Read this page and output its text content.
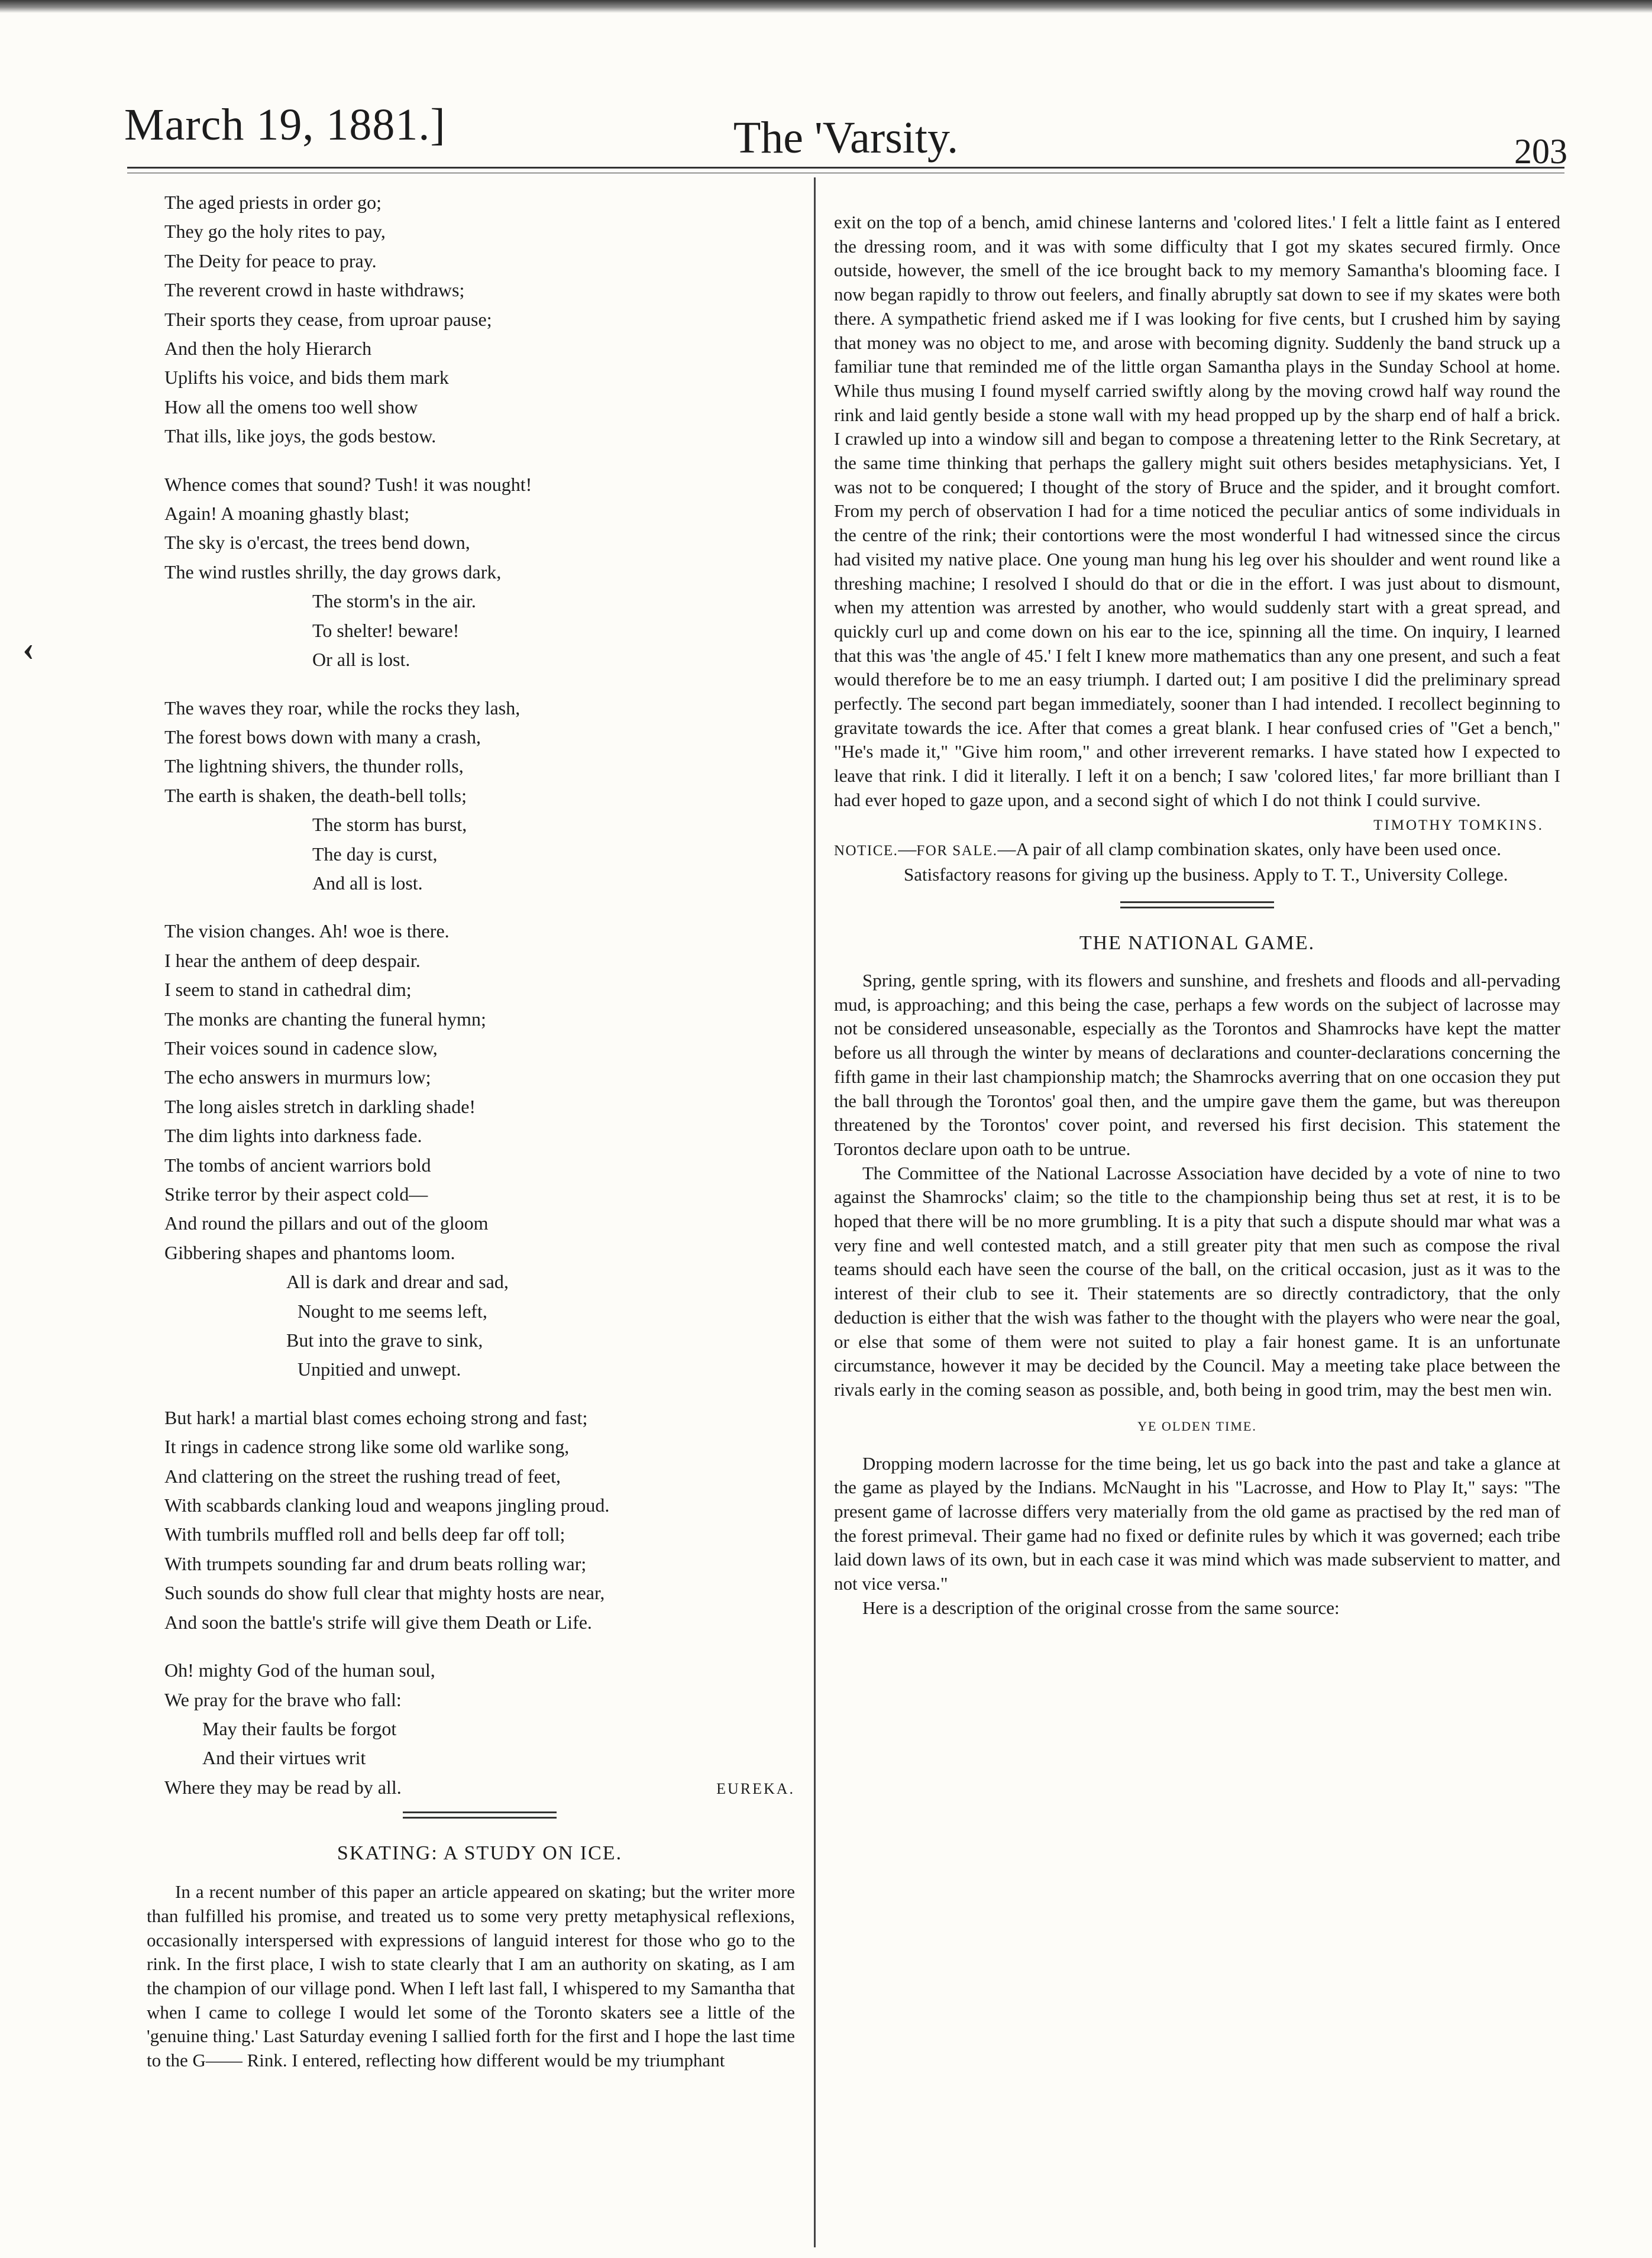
March 19, 1881.]	The 'Varsity.	203
‹

The aged priests in order go;

They go the holy rites to pay,

The Deity for peace to pray.

The reverent crowd in haste withdraws;

Their sports they cease, from uproar pause;

And then the holy Hierarch

Uplifts his voice, and bids them mark

How all the omens too well show

That ills, like joys, the gods bestow.

Whence comes that sound? Tush! it was nought!

Again! A moaning ghastly blast;

The sky is o'ercast, the trees bend down,

The wind rustles shrilly, the day grows dark,

The storm's in the air.

To shelter! beware!

Or all is lost.

The waves they roar, while the rocks they lash,

The forest bows down with many a crash,

The lightning shivers, the thunder rolls,

The earth is shaken, the death-bell tolls;

The storm has burst,

The day is curst,

And all is lost.

The vision changes. Ah! woe is there.

I hear the anthem of deep despair.

I seem to stand in cathedral dim;

The monks are chanting the funeral hymn;

Their voices sound in cadence slow,

The echo answers in murmurs low;

The long aisles stretch in darkling shade!

The dim lights into darkness fade.

The tombs of ancient warriors bold

Strike terror by their aspect cold—

And round the pillars and out of the gloom

Gibbering shapes and phantoms loom.

All is dark and drear and sad,

Nought to me seems left,

But into the grave to sink,

Unpitied and unwept.

But hark! a martial blast comes echoing strong and fast;

It rings in cadence strong like some old warlike song,

And clattering on the street the rushing tread of feet,

With scabbards clanking loud and weapons jingling proud.

With tumbrils muffled roll and bells deep far off toll;

With trumpets sounding far and drum beats rolling war;

Such sounds do show full clear that mighty hosts are near,

And soon the battle's strife will give them Death or Life.

Oh! mighty God of the human soul,

We pray for the brave who fall:

May their faults be forgot

And their virtues writ

Where they may be read by all.	EUREKA.

SKATING: A STUDY ON ICE.

In a recent number of this paper an article appeared on skating; but the writer more than fulfilled his promise, and treated us to some very pretty metaphysical reflexions, occasionally interspersed with expressions of languid interest for those who go to the rink. In the first place, I wish to state clearly that I am an authority on skating, as I am the champion of our village pond. When I left last fall, I whispered to my Samantha that when I came to college I would let some of the Toronto skaters see a little of the 'genuine thing.' Last Saturday evening I sallied forth for the first and I hope the last time to the G—— Rink. I entered, reflecting how different would be my triumphant

exit on the top of a bench, amid chinese lanterns and 'colored lites.' I felt a little faint as I entered the dressing room, and it was with some difficulty that I got my skates secured firmly. Once outside, however, the smell of the ice brought back to my memory Samantha's blooming face. I now began rapidly to throw out feelers, and finally abruptly sat down to see if my skates were both there. A sympathetic friend asked me if I was looking for five cents, but I crushed him by saying that money was no object to me, and arose with becoming dignity. Suddenly the band struck up a familiar tune that reminded me of the little organ Samantha plays in the Sunday School at home. While thus musing I found myself carried swiftly along by the moving crowd half way round the rink and laid gently beside a stone wall with my head propped up by the sharp end of half a brick. I crawled up into a window sill and began to compose a threatening letter to the Rink Secretary, at the same time thinking that perhaps the gallery might suit others besides metaphysicians. Yet, I was not to be conquered; I thought of the story of Bruce and the spider, and it brought comfort. From my perch of observation I had for a time noticed the peculiar antics of some individuals in the centre of the rink; their contortions were the most wonderful I had witnessed since the circus had visited my native place. One young man hung his leg over his shoulder and went round like a threshing machine; I resolved I should do that or die in the effort. I was just about to dismount, when my attention was arrested by another, who would suddenly start with a great spread, and quickly curl up and come down on his ear to the ice, spinning all the time. On inquiry, I learned that this was 'the angle of 45.' I felt I knew more mathematics than any one present, and such a feat would therefore be to me an easy triumph. I darted out; I am positive I did the preliminary spread perfectly. The second part began immediately, sooner than I had intended. I recollect beginning to gravitate towards the ice. After that comes a great blank. I hear confused cries of "Get a bench," "He's made it," "Give him room," and other irreverent remarks. I have stated how I expected to leave that rink. I did it literally. I left it on a bench; I saw 'colored lites,' far more brilliant than I had ever hoped to gaze upon, and a second sight of which I do not think I could survive.

TIMOTHY TOMKINS.

NOTICE.—FOR SALE.—A pair of all clamp combination skates, only have been used once. Satisfactory reasons for giving up the business. Apply to T. T., University College.

THE NATIONAL GAME.

Spring, gentle spring, with its flowers and sunshine, and freshets and floods and all-pervading mud, is approaching; and this being the case, perhaps a few words on the subject of lacrosse may not be considered unseasonable, especially as the Torontos and Shamrocks have kept the matter before us all through the winter by means of declarations and counter-declarations concerning the fifth game in their last championship match; the Shamrocks averring that on one occasion they put the ball through the Torontos' goal then, and the umpire gave them the game, but was thereupon threatened by the Torontos' cover point, and reversed his first decision. This statement the Torontos declare upon oath to be untrue.

The Committee of the National Lacrosse Association have decided by a vote of nine to two against the Shamrocks' claim; so the title to the championship being thus set at rest, it is to be hoped that there will be no more grumbling. It is a pity that such a dispute should mar what was a very fine and well contested match, and a still greater pity that men such as compose the rival teams should each have seen the course of the ball, on the critical occasion, just as it was to the interest of their club to see it. Their statements are so directly contradictory, that the only deduction is either that the wish was father to the thought with the players who were near the goal, or else that some of them were not suited to play a fair honest game. It is an unfortunate circumstance, however it may be decided by the Council. May a meeting take place between the rivals early in the coming season as possible, and, both being in good trim, may the best men win.

YE OLDEN TIME.

Dropping modern lacrosse for the time being, let us go back into the past and take a glance at the game as played by the Indians. McNaught in his "Lacrosse, and How to Play It," says: "The present game of lacrosse differs very materially from the old game as practised by the red man of the forest primeval. Their game had no fixed or definite rules by which it was governed; each tribe laid down laws of its own, but in each case it was mind which was made subservient to matter, and not vice versa."

Here is a description of the original crosse from the same source:
